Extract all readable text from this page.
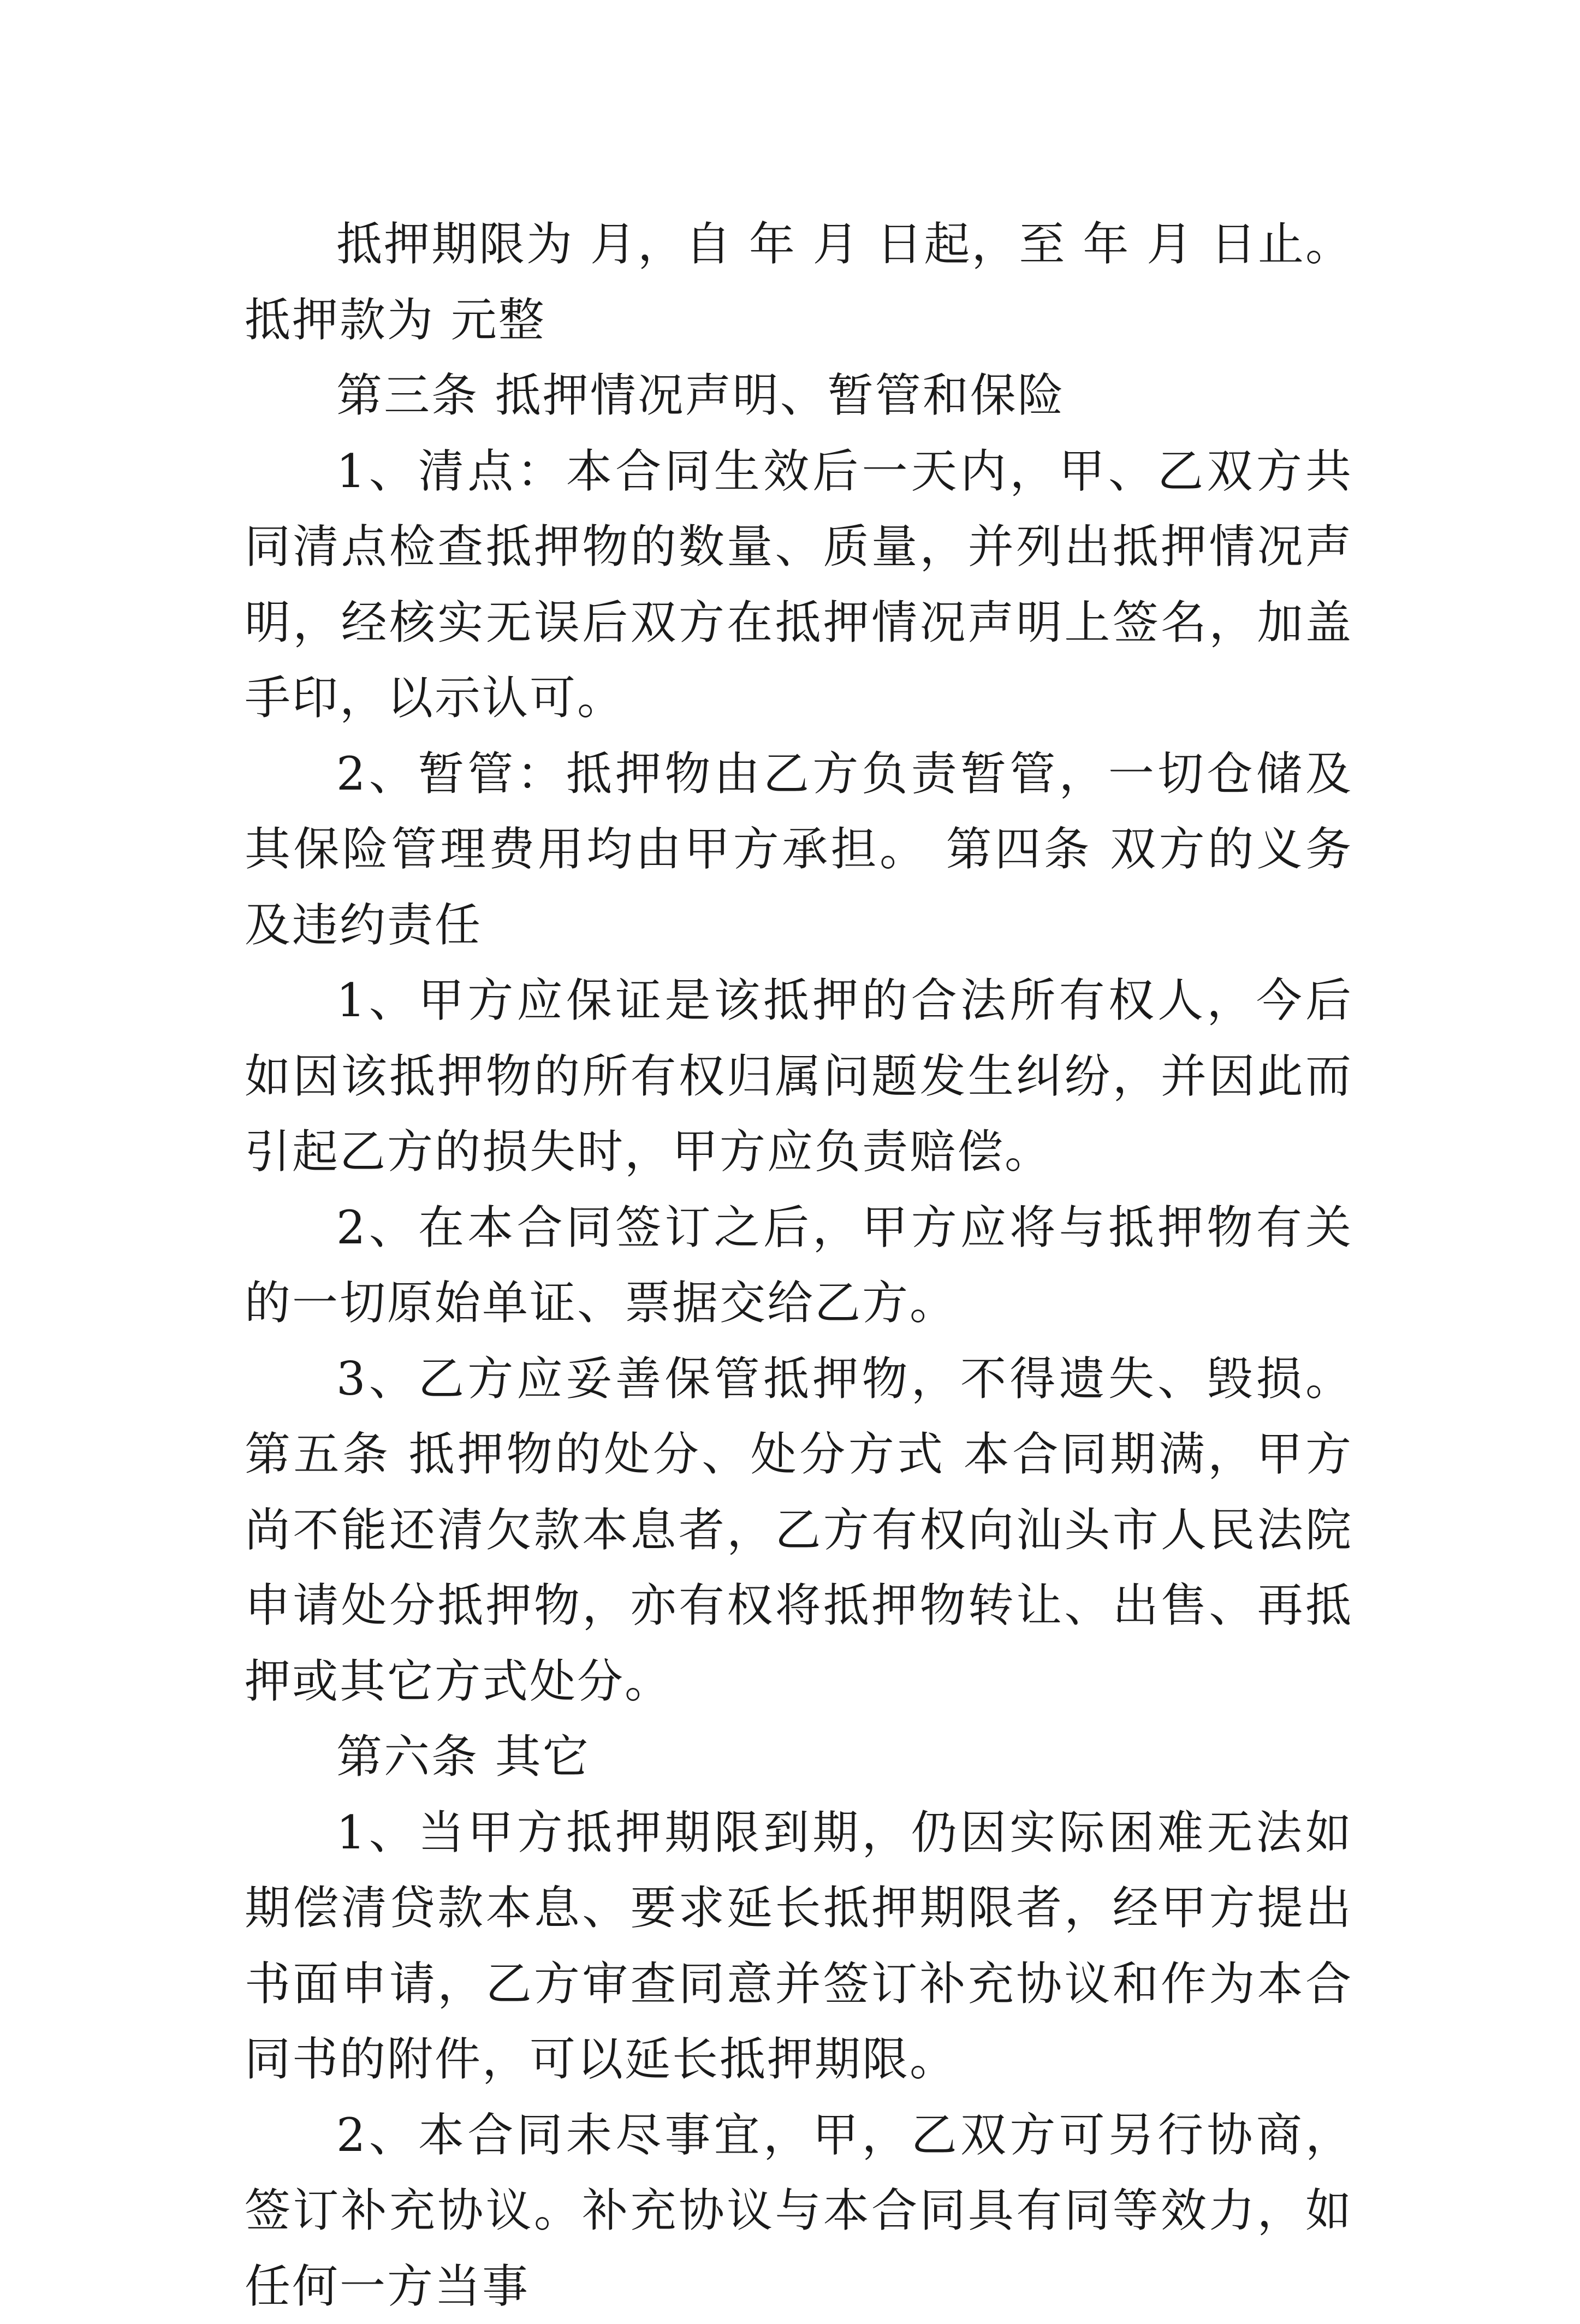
抵押期限为 月，自 年 月 日起，至 年 月 日止。 抵押款为 元整

第三条 抵押情况声明、暂管和保险

1、清点：本合同生效后一天内，甲、乙双方共同清点检查抵押物的数量、质量，并列出抵押情况声明，经核实无误后双方在抵押情况声明上签名，加盖手印，以示认可。

2、暂管：抵押物由乙方负责暂管，一切仓储及其保险管理费用均由甲方承担。 第四条 双方的义务及违约责任

1、甲方应保证是该抵押的合法所有权人，今后如因该抵押物的所有权归属问题发生纠纷，并因此而引起乙方的损失时，甲方应负责赔偿。

2、在本合同签订之后，甲方应将与抵押物有关的一切原始单证、票据交给乙方。

3、乙方应妥善保管抵押物，不得遗失、毁损。 第五条 抵押物的处分、处分方式 本合同期满，甲方尚不能还清欠款本息者，乙方有权向汕头市人民法院申请处分抵押物，亦有权将抵押物转让、出售、再抵押或其它方式处分。

第六条 其它

1、当甲方抵押期限到期，仍因实际困难无法如期偿清贷款本息、要求延长抵押期限者，经甲方提出书面申请，乙方审查同意并签订补充协议和作为本合同书的附件，可以延长抵押期限。

2、本合同未尽事宜，甲，乙双方可另行协商，签订补充协议。补充协议与本合同具有同等效力，如任何一方当事
